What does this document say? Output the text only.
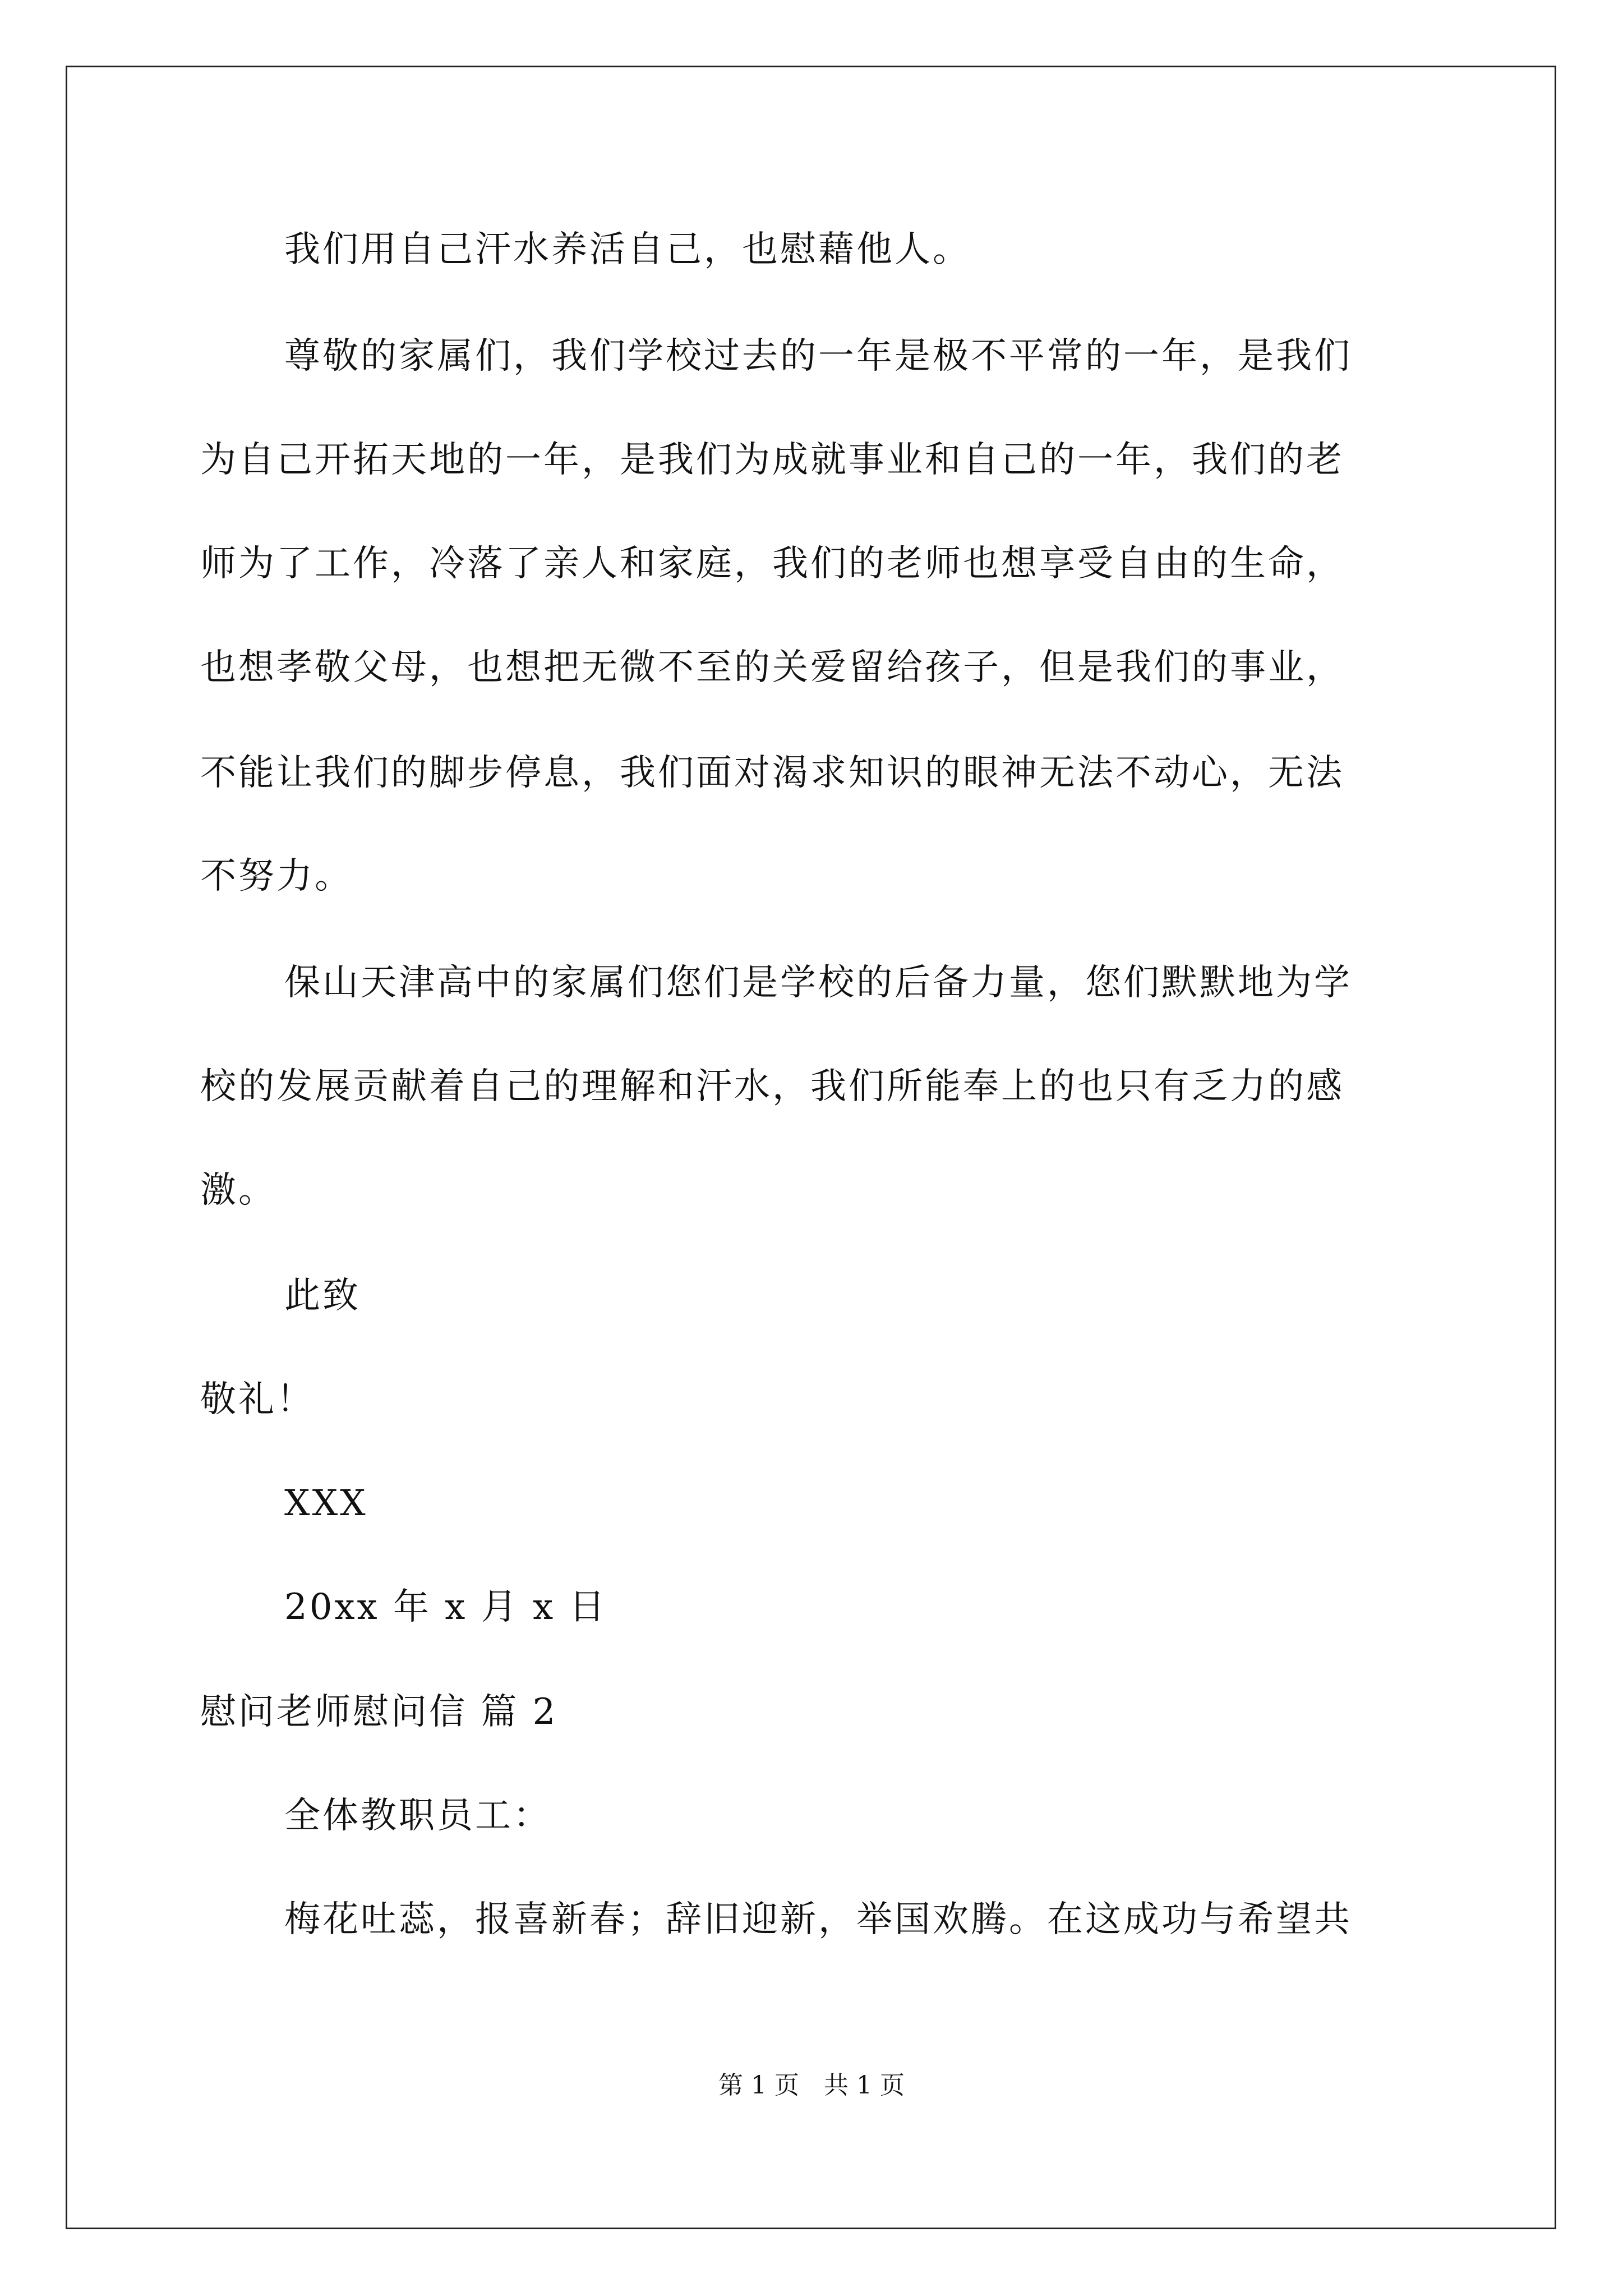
我们用自己汗水养活自己，也慰藉他人。
尊敬的家属们，我们学校过去的一年是极不平常的一年，是我们
为自己开拓天地的一年，是我们为成就事业和自己的一年，我们的老
师为了工作，冷落了亲人和家庭，我们的老师也想享受自由的生命，
也想孝敬父母，也想把无微不至的关爱留给孩子，但是我们的事业，
不能让我们的脚步停息，我们面对渴求知识的眼神无法不动心，无法
不努力。
保山天津高中的家属们您们是学校的后备力量，您们默默地为学
校的发展贡献着自己的理解和汗水，我们所能奉上的也只有乏力的感
激。
此致
敬礼！
XXX
20xx 年 x 月 x 日
慰问老师慰问信 篇 2
全体教职员工：
梅花吐蕊，报喜新春；辞旧迎新，举国欢腾。在这成功与希望共
第 1 页　共 1 页
